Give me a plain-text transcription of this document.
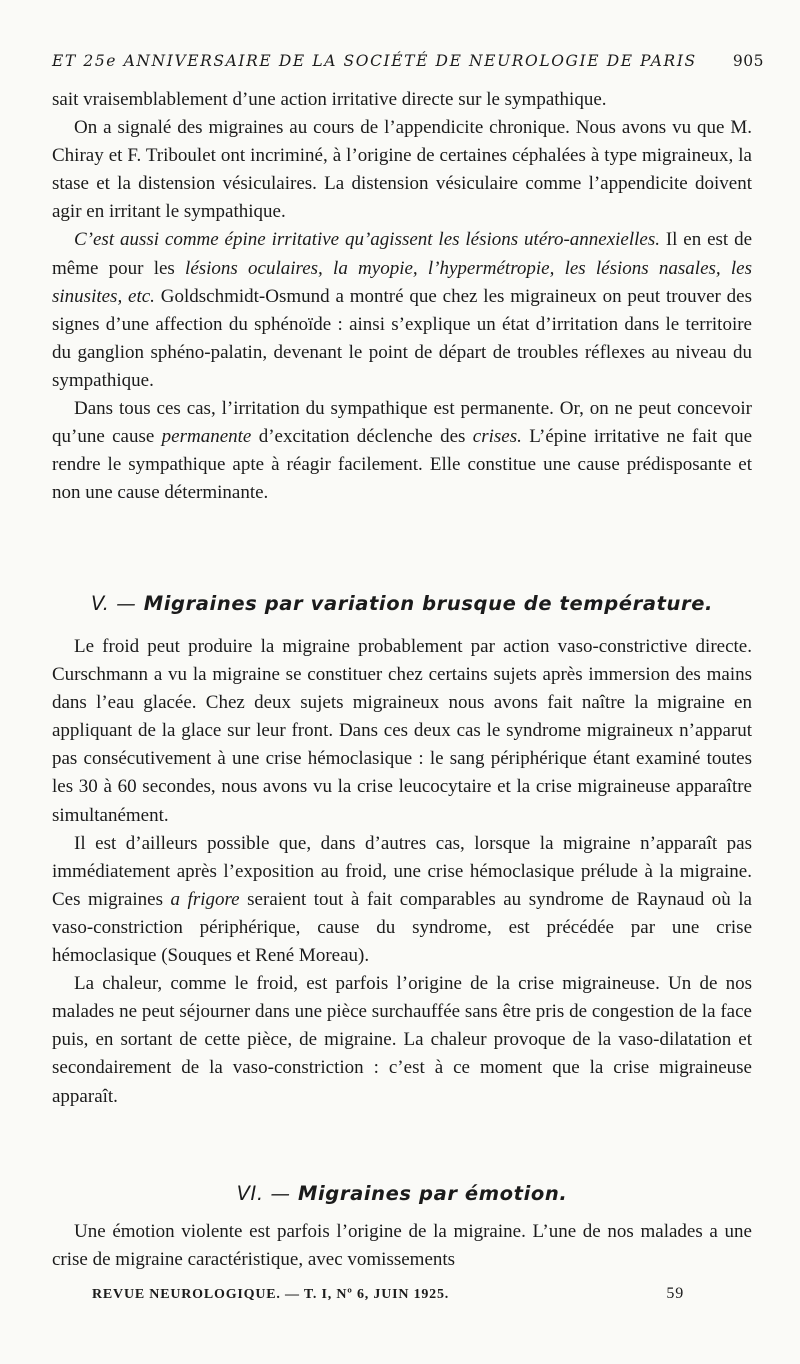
ET 25e ANNIVERSAIRE DE LA SOCIÉTÉ DE NEUROLOGIE DE PARIS 905

sait vraisemblablement d’une action irritative directe sur le sympathique.

On a signalé des migraines au cours de l’appendicite chronique. Nous avons vu que M. Chiray et F. Triboulet ont incriminé, à l’origine de certaines céphalées à type migraineux, la stase et la distension vésiculaires. La distension vésiculaire comme l’appendicite doivent agir en irritant le sympathique.

C’est aussi comme épine irritative qu’agissent les lésions utéro-annexielles. Il en est de même pour les lésions oculaires, la myopie, l’hypermétropie, les lésions nasales, les sinusites, etc. Goldschmidt-Osmund a montré que chez les migraineux on peut trouver des signes d’une affection du sphénoïde : ainsi s’explique un état d’irritation dans le territoire du ganglion sphéno-palatin, devenant le point de départ de troubles réflexes au niveau du sympathique.

Dans tous ces cas, l’irritation du sympathique est permanente. Or, on ne peut concevoir qu’une cause permanente d’excitation déclenche des crises. L’épine irritative ne fait que rendre le sympathique apte à réagir facilement. Elle constitue une cause prédisposante et non une cause déterminante.

V. — Migraines par variation brusque de température.

Le froid peut produire la migraine probablement par action vaso-constrictive directe. Curschmann a vu la migraine se constituer chez certains sujets après immersion des mains dans l’eau glacée. Chez deux sujets migraineux nous avons fait naître la migraine en appliquant de la glace sur leur front. Dans ces deux cas le syndrome migraineux n’apparut pas consécutivement à une crise hémoclasique : le sang périphérique étant examiné toutes les 30 à 60 secondes, nous avons vu la crise leucocytaire et la crise migraineuse apparaître simultanément.

Il est d’ailleurs possible que, dans d’autres cas, lorsque la migraine n’apparaît pas immédiatement après l’exposition au froid, une crise hémoclasique prélude à la migraine. Ces migraines a frigore seraient tout à fait comparables au syndrome de Raynaud où la vaso-constriction périphérique, cause du syndrome, est précédée par une crise hémoclasique (Souques et René Moreau).

La chaleur, comme le froid, est parfois l’origine de la crise migraineuse. Un de nos malades ne peut séjourner dans une pièce surchauffée sans être pris de congestion de la face puis, en sortant de cette pièce, de migraine. La chaleur provoque de la vaso-dilatation et secondairement de la vaso-constriction : c’est à ce moment que la crise migraineuse apparaît.

VI. — Migraines par émotion.

Une émotion violente est parfois l’origine de la migraine. L’une de nos malades a une crise de migraine caractéristique, avec vomissements

REVUE NEUROLOGIQUE. — T. I, Nº 6, JUIN 1925.	59
